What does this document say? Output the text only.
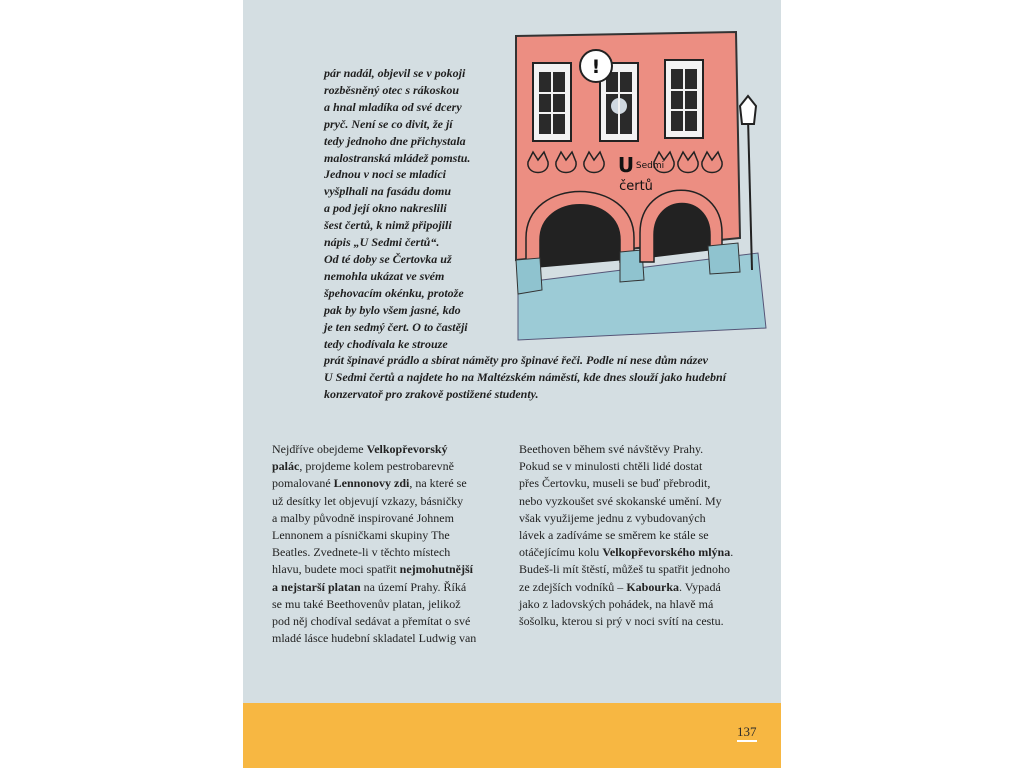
!
U Sedmi
čertů

pár nadál, objevil se v pokoji
rozběsněný otec s rákoskou
a hnal mladíka od své dcery
pryč. Není se co divit, že jí
tedy jednoho dne přichystala
malostranská mládež pomstu.
Jednou v noci se mladíci
vyšplhali na fasádu domu
a pod její okno nakreslili
šest čertů, k nimž připojili
nápis „U Sedmi čertů“.
Od té doby se Čertovka už
nemohla ukázat ve svém
špehovacím okénku, protože
pak by bylo všem jasné, kdo
je ten sedmý čert. O to častěji
tedy chodívala ke strouze
prát špinavé prádlo a sbírat náměty pro špinavé řeči. Podle ní nese dům název
U Sedmi čertů a najdete ho na Maltézském náměstí, kde dnes slouží jako hudební
konzervatoř pro zrakově postižené studenty.

Nejdříve obejdeme Velkopřevorský
palác, projdeme kolem pestrobarevně
pomalované Lennonovy zdi, na které se
už desítky let objevují vzkazy, básničky
a malby původně inspirované Johnem
Lennonem a písničkami skupiny The
Beatles. Zvednete-li v těchto místech
hlavu, budete moci spatřit nejmohutnější
a nejstarší platan na území Prahy. Říká
se mu také Beethovenův platan, jelikož
pod něj chodíval sedávat a přemítat o své
mladé lásce hudební skladatel Ludwig van
Beethoven během své návštěvy Prahy.
Pokud se v minulosti chtěli lidé dostat
přes Čertovku, museli se buď přebrodit,
nebo vyzkoušet své skokanské umění. My
však využijeme jednu z vybudovaných
lávek a zadíváme se směrem ke stále se
otáčejícímu kolu Velkopřevorského mlýna.
Budeš-li mít štěstí, můžeš tu spatřit jednoho
ze zdejších vodníků – Kabourka. Vypadá
jako z ladovských pohádek, na hlavě má
šošolku, kterou si prý v noci svítí na cestu.
137
